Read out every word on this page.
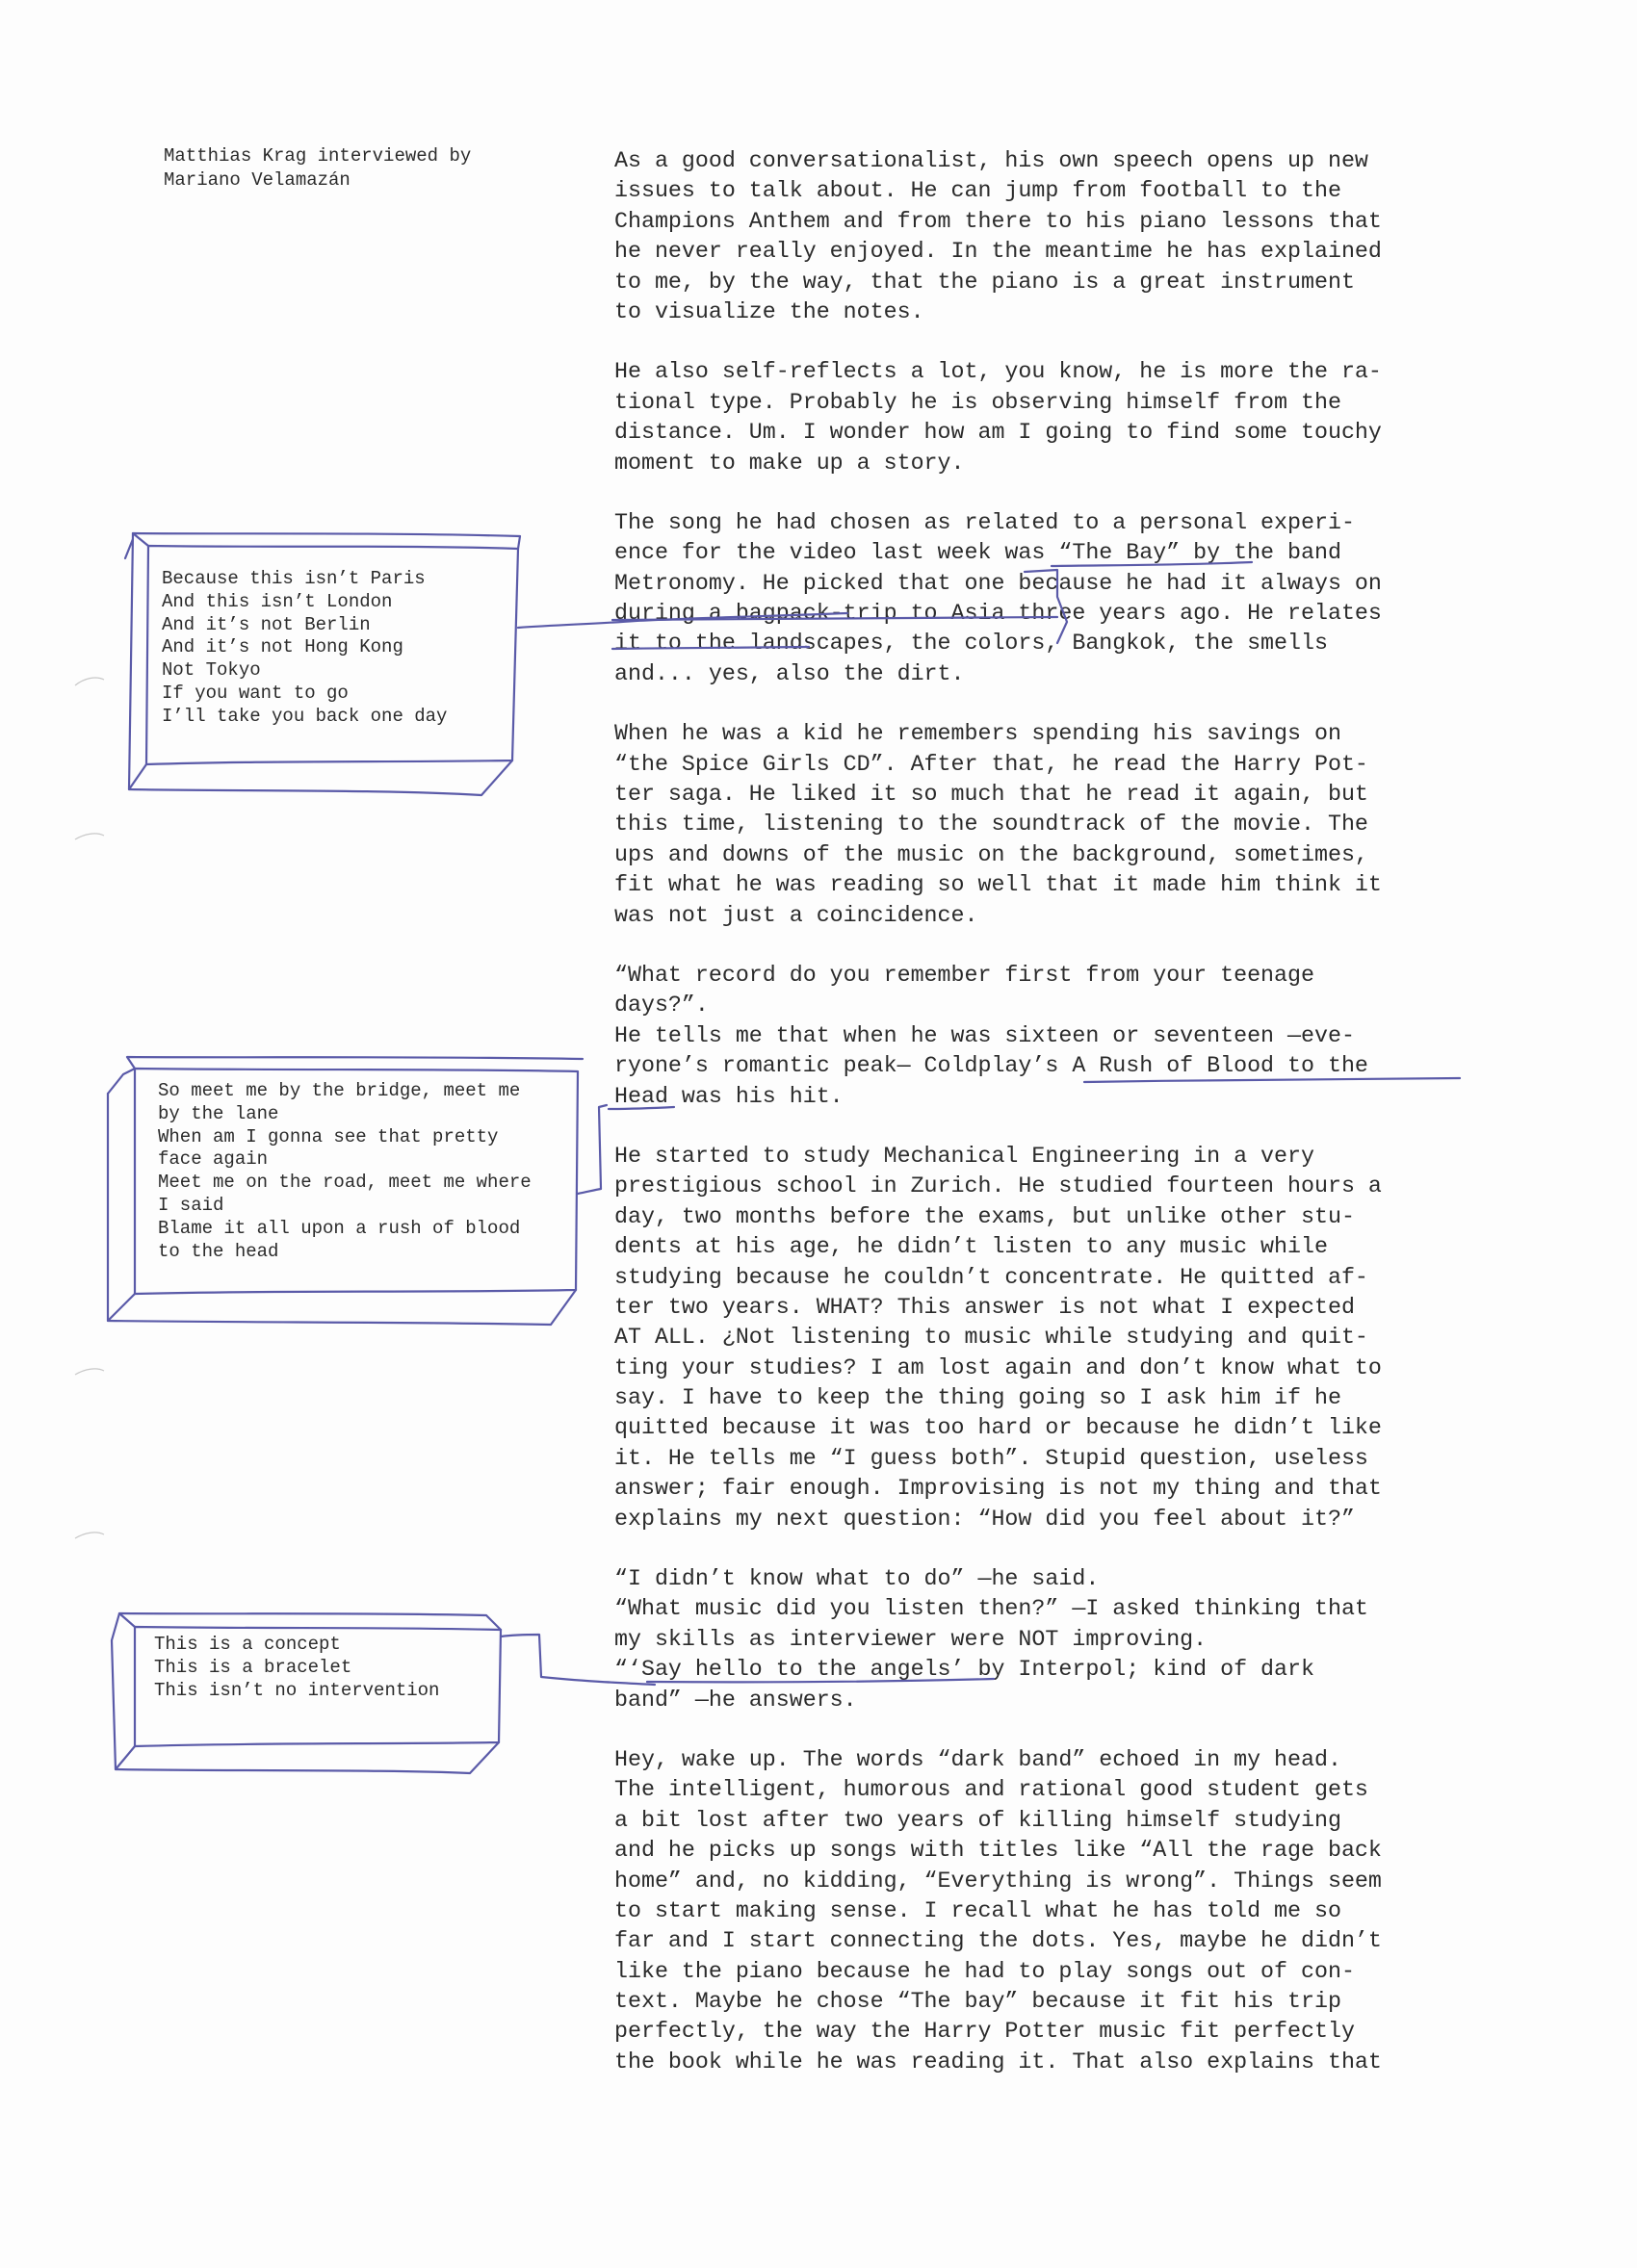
Matthias Krag interviewed by
Mariano Velamazán
As a good conversationalist, his own speech opens up new
issues to talk about. He can jump from football to the
Champions Anthem and from there to his piano lessons that
he never really enjoyed. In the meantime he has explained
to me, by the way, that the piano is a great instrument
to visualize the notes.
He also self-reflects a lot, you know, he is more the ra-
tional type. Probably he is observing himself from the
distance. Um. I wonder how am I going to find some touchy
moment to make up a story.
The song he had chosen as related to a personal experi-
ence for the video last week was “The Bay” by the band
Metronomy. He picked that one because he had it always on
during a bagpack-trip to Asia three years ago. He relates
it to the landscapes, the colors, Bangkok, the smells
and... yes, also the dirt.
When he was a kid he remembers spending his savings on
“the Spice Girls CD”. After that, he read the Harry Pot-
ter saga. He liked it so much that he read it again, but
this time, listening to the soundtrack of the movie. The
ups and downs of the music on the background, sometimes,
fit what he was reading so well that it made him think it
was not just a coincidence.
“What record do you remember first from your teenage
days?”.
He tells me that when he was sixteen or seventeen —eve-
ryone’s romantic peak— Coldplay’s A Rush of Blood to the
Head was his hit.
He started to study Mechanical Engineering in a very
prestigious school in Zurich. He studied fourteen hours a
day, two months before the exams, but unlike other stu-
dents at his age, he didn’t listen to any music while
studying because he couldn’t concentrate. He quitted af-
ter two years. WHAT? This answer is not what I expected
AT ALL. ¿Not listening to music while studying and quit-
ting your studies? I am lost again and don’t know what to
say. I have to keep the thing going so I ask him if he
quitted because it was too hard or because he didn’t like
it. He tells me “I guess both”. Stupid question, useless
answer; fair enough. Improvising is not my thing and that
explains my next question: “How did you feel about it?”
“I didn’t know what to do” —he said.
“What music did you listen then?” —I asked thinking that
my skills as interviewer were NOT improving.
“‘Say hello to the angels’ by Interpol; kind of dark
band” —he answers.
Hey, wake up. The words “dark band” echoed in my head.
The intelligent, humorous and rational good student gets
a bit lost after two years of killing himself studying
and he picks up songs with titles like “All the rage back
home” and, no kidding, “Everything is wrong”. Things seem
to start making sense. I recall what he has told me so
far and I start connecting the dots. Yes, maybe he didn’t
like the piano because he had to play songs out of con-
text. Maybe he chose “The bay” because it fit his trip
perfectly, the way the Harry Potter music fit perfectly
the book while he was reading it. That also explains that
Because this isn’t Paris
And this isn’t London
And it’s not Berlin
And it’s not Hong Kong
Not Tokyo
If you want to go
I’ll take you back one day
So meet me by the bridge, meet me
by the lane
When am I gonna see that pretty
face again
Meet me on the road, meet me where
I said
Blame it all upon a rush of blood
to the head
This is a concept
This is a bracelet
This isn’t no intervention
